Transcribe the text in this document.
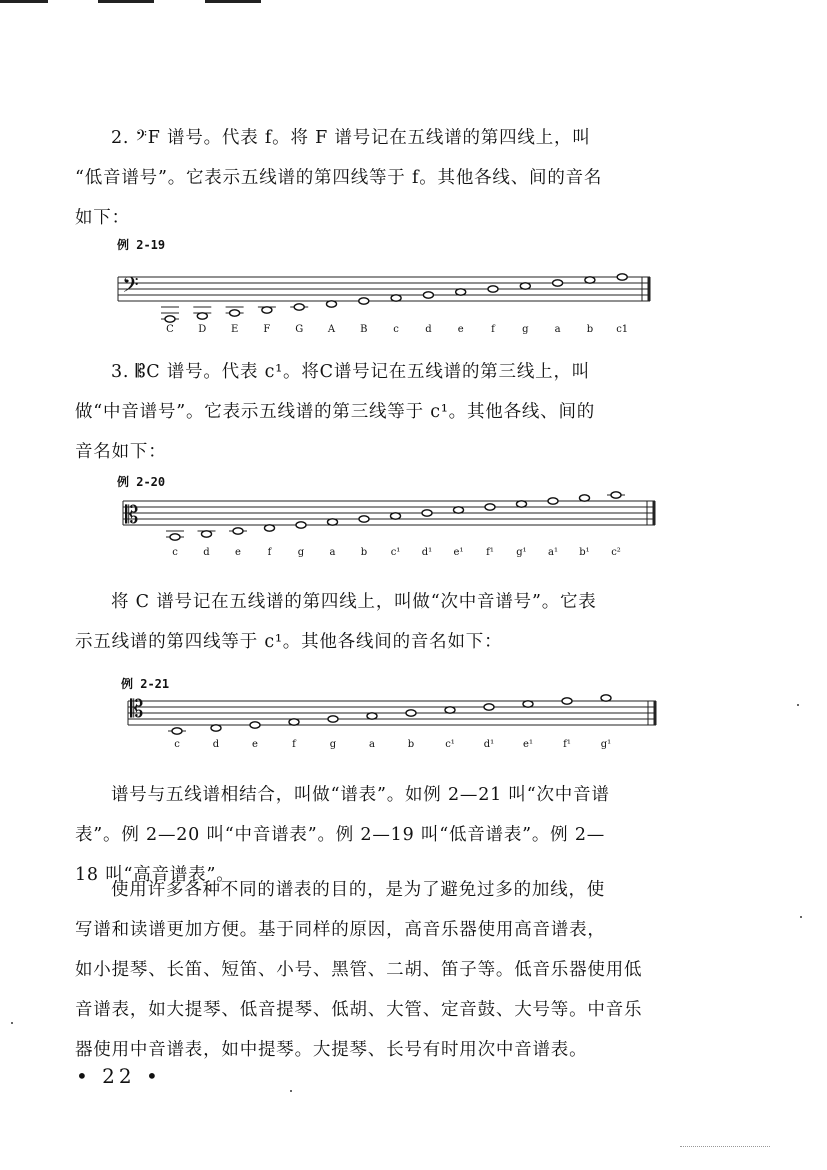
2. 𝄢F 谱号。代表 f。将 F 谱号记在五线谱的第四线上，叫
“低音谱号”。它表示五线谱的第四线等于 f。其他各线、间的音名
如下：
例 2-19
𝄢
C D E	F G A	B	c	d	e	f	g	a	b c1
3. 𝄡C 谱号。代表 c¹。将C谱号记在五线谱的第三线上，叫
做“中音谱号”。它表示五线谱的第三线等于 c¹。其他各线、间的
音名如下：
例 2-20
𝄡
c	d	e	f	g	a	b c¹ d¹ e¹ f¹ g¹ a¹ b¹ c²
将 C 谱号记在五线谱的第四线上，叫做“次中音谱号”。它表
示五线谱的第四线等于 c¹。其他各线间的音名如下：
例 2-21
𝄡
c	d	e	f	g	a	b	c¹	d¹	e¹	f¹	g¹
谱号与五线谱相结合，叫做“谱表”。如例 2—21 叫“次中音谱
表”。例 2—20 叫“中音谱表”。例 2—19 叫“低音谱表”。例 2—
18 叫“高音谱表”。
使用许多各种不同的谱表的目的，是为了避免过多的加线，使
写谱和读谱更加方便。基于同样的原因，高音乐器使用高音谱表，
如小提琴、长笛、短笛、小号、黑管、二胡、笛子等。低音乐器使用低
音谱表，如大提琴、低音提琴、低胡、大管、定音鼓、大号等。中音乐
器使用中音谱表，如中提琴。大提琴、长号有时用次中音谱表。
• 22 •
